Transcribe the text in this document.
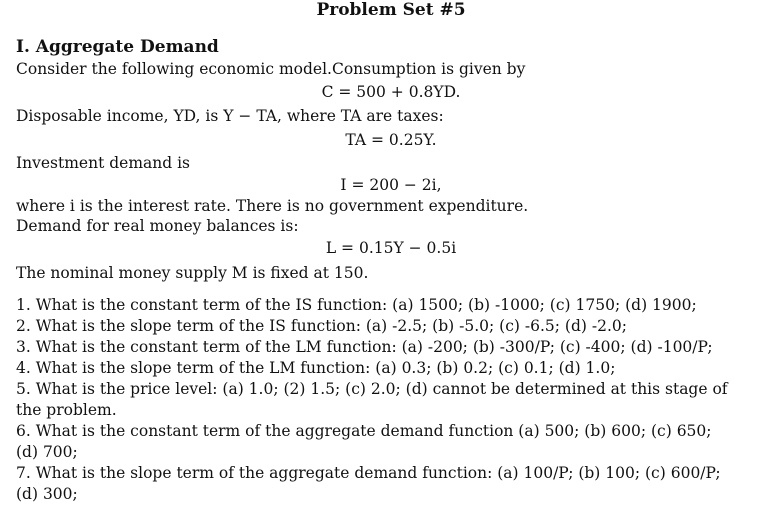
Problem Set #5
I. Aggregate Demand
Consider the following economic model.Consumption is given by
C = 500 + 0.8YD.
Disposable income, YD, is Y − TA, where TA are taxes:
TA = 0.25Y.
Investment demand is
I = 200 − 2i,
where i is the interest rate. There is no government expenditure.
Demand for real money balances is:
L = 0.15Y − 0.5i
The nominal money supply M is fixed at 150.
1. What is the constant term of the IS function: (a) 1500; (b) -1000; (c) 1750; (d) 1900;
2. What is the slope term of the IS function: (a) -2.5; (b) -5.0; (c) -6.5; (d) -2.0;
3. What is the constant term of the LM function: (a) -200; (b) -300/P; (c) -400; (d) -100/P;
4. What is the slope term of the LM function: (a) 0.3; (b) 0.2; (c) 0.1; (d) 1.0;
5. What is the price level: (a) 1.0; (2) 1.5; (c) 2.0; (d) cannot be determined at this stage of
the problem.
6. What is the constant term of the aggregate demand function (a) 500; (b) 600; (c) 650;
(d) 700;
7. What is the slope term of the aggregate demand function: (a) 100/P; (b) 100; (c) 600/P;
(d) 300;
